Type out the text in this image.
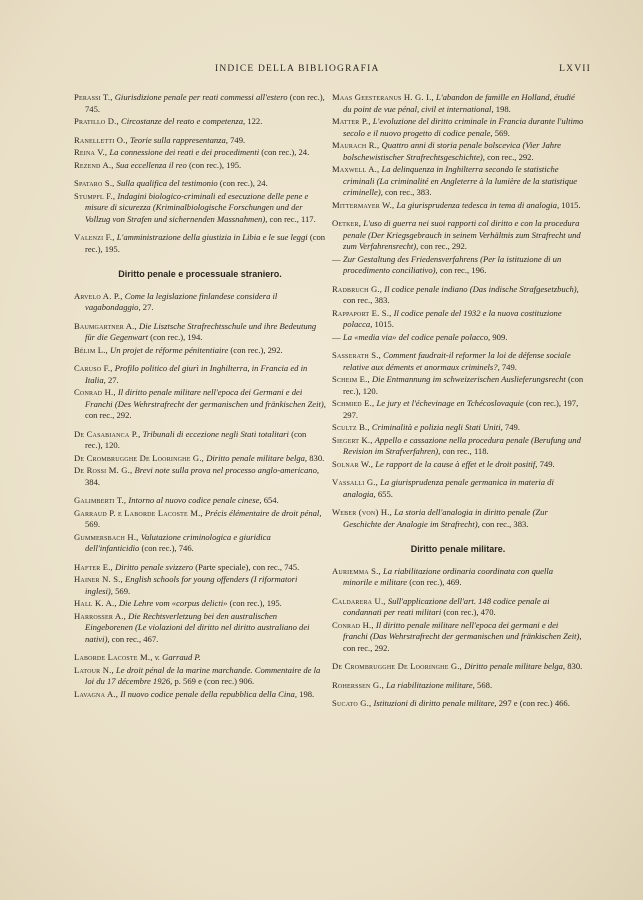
INDICE DELLA BIBLIOGRAFIA	LXVII
Perassi T., Giurisdizione penale per reati commessi all'estero (con rec.), 745.
Pratillo D., Circostanze del reato e competenza, 122.
Ranelletti O., Teorie sulla rappresentanza, 749.
Reina V., La connessione dei reati e dei procedimenti (con rec.), 24.
Rezend A., Sua eccellenza il reo (con rec.), 195.
Spataro S., Sulla qualifica del testimonio (con rec.), 24.
Stumpfl F., Indagini biologico-criminali ed esecuzione delle pene e misure di sicurezza (Kriminalbiologische Forschungen und der Vollzug von Strafen und sichernenden Massnahmen), con rec., 117.
Valenzi F., L'amministrazione della giustizia in Libia e le sue leggi (con rec.), 195.
Diritto penale e processuale straniero.
Arvelo A. P., Come la legislazione finlandese considera il vagabondaggio, 27.
Baumgartner A., Die Lisztsche Strafrechtsschule und ihre Bedeutung für die Gegenwart (con rec.), 194.
Bélim L., Un projet de réforme pénitentiaire (con rec.), 292.
Caruso F., Profilo politico del giurì in Inghilterra, in Francia ed in Italia, 27.
Conrad H., Il diritto penale militare nell'epoca dei Germani e dei Franchi (Des Wehrstrafrecht der germanischen und fränkischen Zeit), con rec., 292.
De Casabianca P., Tribunali di eccezione negli Stati totalitari (con rec.), 120.
De Crombrugghe De Looringhe G., Diritto penale militare belga, 830.
De Rossi M. G., Brevi note sulla prova nel processo anglo-americano, 384.
Galimberti T., Intorno al nuovo codice penale cinese, 654.
Garraud P. e Laborde Lacoste M., Précis élémentaire de droit pénal, 569.
Gummersbach H., Valutazione criminologica e giuridica dell'infanticidio (con rec.), 746.
Hafter E., Diritto penale svizzero (Parte speciale), con rec., 745.
Hainer N. S., English schools for young offenders (I riformatori inglesi), 569.
Hall K. A., Die Lehre vom «corpus delicti» (con rec.), 195.
Harrosser A., Die Rechtsverletzung bei den australischen Eingeborenen (Le violazioni del diritto nel diritto australiano dei nativi), con rec., 467.
Laborde Lacoste M., v. Garraud P.
Latour N., Le droit pénal de la marine marchande. Commentaire de la loi du 17 décembre 1926, p. 569 e (con rec.) 906.
Lavagna A., Il nuovo codice penale della repubblica della Cina, 198.
Maas Geesteranus H. G. I., L'abandon de famille en Holland, étudié du point de vue pénal, civil et international, 198.
Matter P., L'evoluzione del diritto criminale in Francia durante l'ultimo secolo e il nuovo progetto di codice penale, 569.
Maurach R., Quattro anni di storia penale bolscevica (Vier Jahre bolschewistischer Strafrechtsgeschichte), con rec., 292.
Maxwell A., La delinquenza in Inghilterra secondo le statistiche criminali (La criminalité en Angleterre à la lumière de la statistique criminelle), con rec., 383.
Mittermayer W., La giurisprudenza tedesca in tema di analogia, 1015.
Oetker, L'uso di guerra nei suoi rapporti col diritto e con la procedura penale (Der Kriegsgebrauch in seinem Verhältnis zum Strafrecht und zum Verfahrensrecht), con rec., 292.
— Zur Gestaltung des Friedensverfahrens (Per la istituzione di un procedimento conciliativo), con rec., 196.
Radbruch G., Il codice penale indiano (Das indische Strafgesetzbuch), con rec., 383.
Rappaport E. S., Il codice penale del 1932 e la nuova costituzione polacca, 1015.
— La «media via» del codice penale polacco, 909.
Sasserath S., Comment faudrait-il reformer la loi de défense sociale relative aux déments et anormaux criminels?, 749.
Scheim E., Die Entmannung im schweizerischen Auslieferungsrecht (con rec.), 120.
Schmied E., Le jury et l'échevinage en Tchécoslovaquie (con rec.), 197, 297.
Scultz B., Criminalità e polizia negli Stati Uniti, 749.
Siegert K., Appello e cassazione nella procedura penale (Berufung und Revision im Strafverfahren), con rec., 118.
Solnar W., Le rapport de la cause à effet et le droit positif, 749.
Vassalli G., La giurisprudenza penale germanica in materia di analogia, 655.
Weber (von) H., La storia dell'analogia in diritto penale (Zur Geschichte der Analogie im Strafrecht), con rec., 383.
Diritto penale militare.
Auriemma S., La riabilitazione ordinaria coordinata con quella minorile e militare (con rec.), 469.
Caldarera U., Sull'applicazione dell'art. 148 codice penale ai condannati per reati militari (con rec.), 470.
Conrad H., Il diritto penale militare nell'epoca dei germani e dei franchi (Das Wehrstrafrecht der germanischen und fränkischen Zeit), con rec., 292.
De Crombrugghe De Looringhe G., Diritto penale militare belga, 830.
Roherssen G., La riabilitazione militare, 568.
Sucato G., Istituzioni di diritto penale militare, 297 e (con rec.) 466.
